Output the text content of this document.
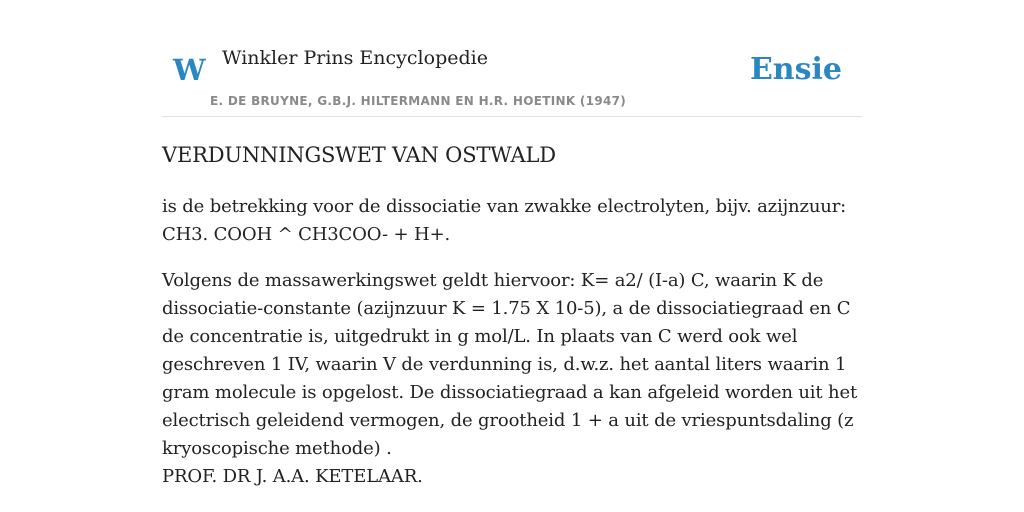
W Winkler Prins Encyclopedie
E. DE BRUYNE, G.B.J. HILTERMANN EN H.R. HOETINK (1947)
Ensie
VERDUNNINGSWET VAN OSTWALD

is de betrekking voor de dissociatie van zwakke electrolyten, bijv. azijnzuur: CH3. COOH ^ CH3COO- + H+.

Volgens de massawerkingswet geldt hiervoor: K= a2/ (I-a) C, waarin K de dissociatie-constante (azijnzuur K = 1.75 X 10-5), a de dissociatiegraad en C de concentratie is, uitgedrukt in g mol/L. In plaats van C werd ook wel geschreven 1 IV, waarin V de verdunning is, d.w.z. het aantal liters waarin 1 gram molecule is opgelost. De dissociatiegraad a kan afgeleid worden uit het electrisch geleidend vermogen, de grootheid 1 + a uit de vriespuntsdaling (z kryoscopische methode) .

PROF. DR J. A.A. KETELAAR.
